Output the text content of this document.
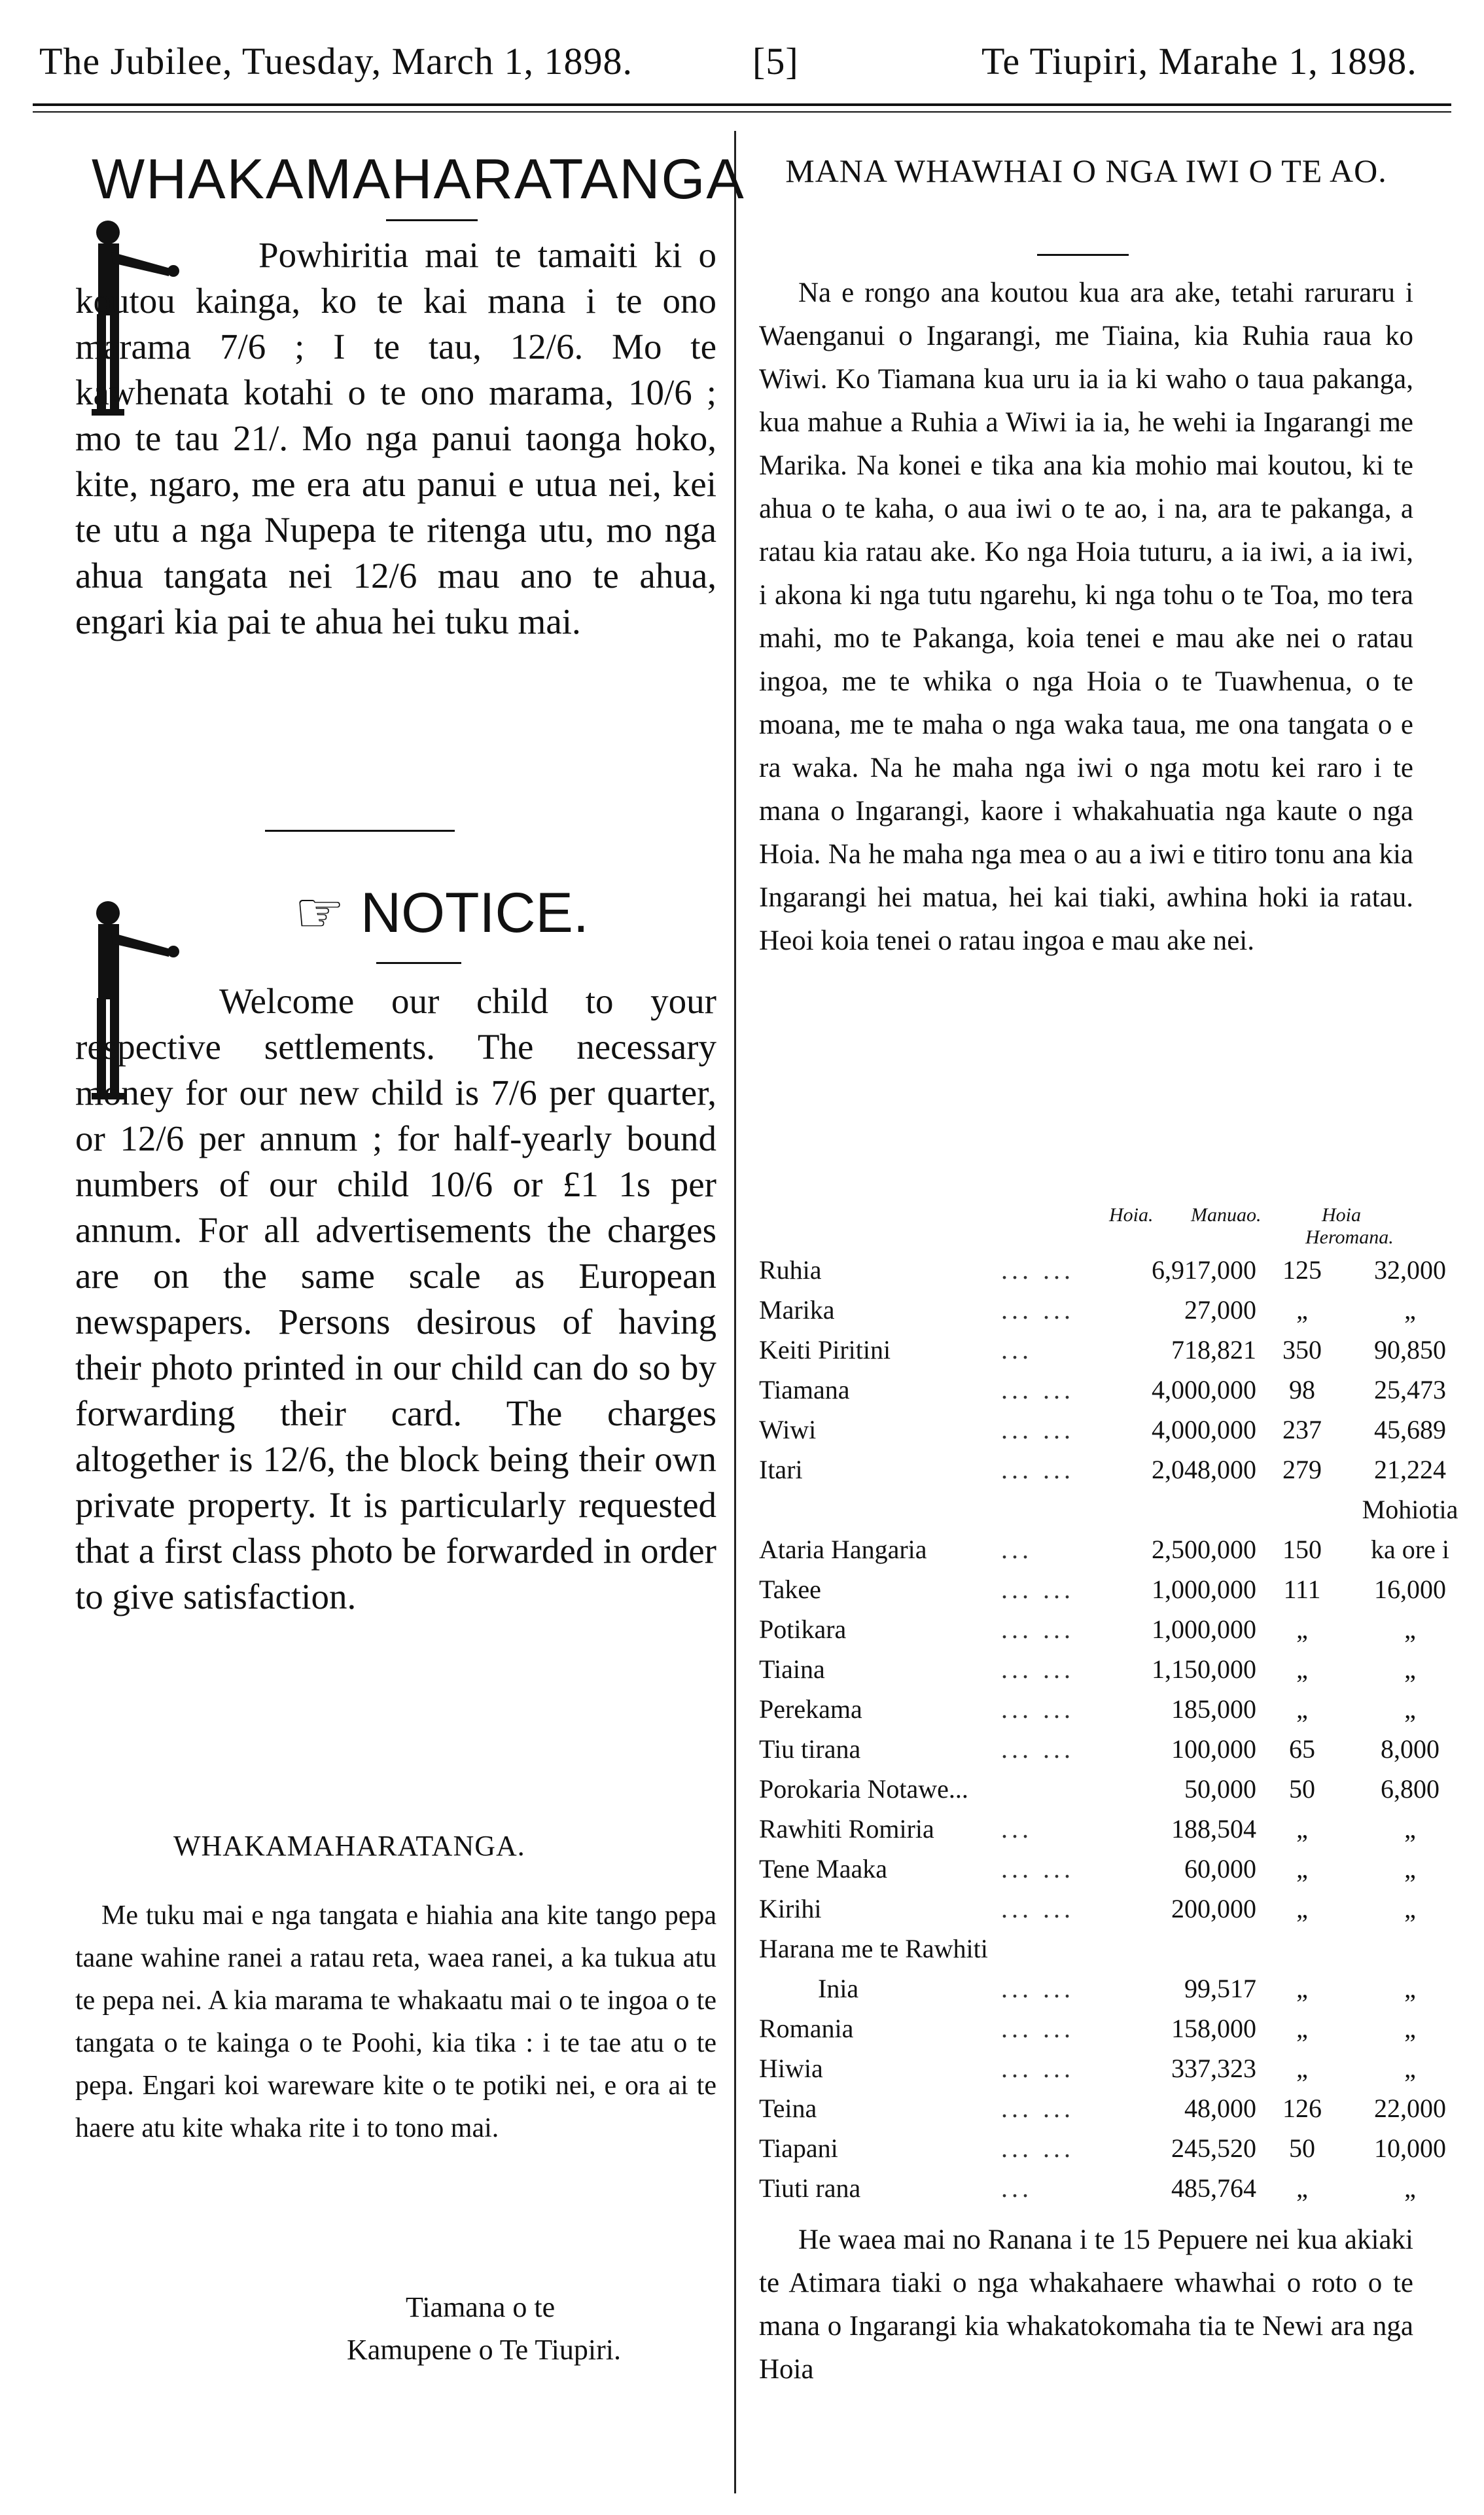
The Jubilee, Tuesday, March 1, 1898.	[5]	Te Tiupiri, Marahe 1, 1898.
WHAKAMAHARATANGA

Powhiritia mai te tamaiti ki o koutou kainga, ko te kai mana i te ono marama 7/6 ; I te tau, 12/6. Mo te kawhenata kotahi o te ono marama, 10/6 ; mo te tau 21/. Mo nga panui taonga hoko, kite, ngaro, me era atu panui e utua nei, kei te utu a nga Nupepa te ritenga utu, mo nga ahua tangata nei 12/6 mau ano te ahua, engari kia pai te ahua hei tuku mai.

☞ NOTICE.

Welcome our child to your respective settlements. The necessary money for our new child is 7/6 per quarter, or 12/6 per annum ; for half-yearly bound numbers of our child 10/6 or £1 1s per annum. For all advertisements the charges are on the same scale as European newspapers. Persons desirous of having their photo printed in our child can do so by forwarding their card. The charges altogether is 12/6, the block being their own private property. It is particularly requested that a first class photo be forwarded in order to give satisfaction.

WHAKAMAHARATANGA.

Me tuku mai e nga tangata e hiahia ana kite tango pepa taane wahine ranei a ratau reta, waea ranei, a ka tukua atu te pepa nei. A kia marama te whakaatu mai o te ingoa o te tangata o te kainga o te Poohi, kia tika : i te tae atu o te pepa. Engari koi wareware kite o te potiki nei, e ora ai te haere atu kite whaka rite i to tono mai.

Tiamana o te
Kamupene o Te Tiupiri.
MANA WHAWHAI O NGA IWI O TE AO.

Na e rongo ana koutou kua ara ake, tetahi raruraru i Waenganui o Ingarangi, me Tiaina, kia Ruhia raua ko Wiwi. Ko Tiamana kua uru ia ia ki waho o taua pakanga, kua mahue a Ruhia a Wiwi ia ia, he wehi ia Ingarangi me Marika. Na konei e tika ana kia mohio mai koutou, ki te ahua o te kaha, o aua iwi o te ao, i na, ara te pakanga, a ratau kia ratau ake. Ko nga Hoia tuturu, a ia iwi, a ia iwi, i akona ki nga tutu ngarehu, ki nga tohu o te Toa, mo tera mahi, mo te Pakanga, koia tenei e mau ake nei o ratau ingoa, me te whika o nga Hoia o te Tuawhenua, o te moana, me te maha o nga waka taua, me ona tangata o e ra waka. Na he maha nga iwi o nga motu kei raro i te mana o Ingarangi, kaore i whakahuatia nga kaute o nga Hoia. Na he maha nga mea o au a iwi e titiro tonu ana kia Ingarangi hei matua, hei kai tiaki, awhina hoki ia ratau. Heoi koia tenei o ratau ingoa e mau ake nei.

Hoia. Manuao.	Hoia Heromana.
Ruhia	... ...	6,917,000	125	32,000
Marika	... ...	27,000	„	„
Keiti Piritini	...	718,821	350	90,850
Tiamana	... ...	4,000,000	98	25,473
Wiwi	... ...	4,000,000	237	45,689
Itari	... ...	2,048,000	279	21,224
				Mohiotia
Ataria Hangaria	...	2,500,000	150	ka ore i
Takee	... ...	1,000,000	111	16,000
Potikara	... ...	1,000,000	„	„
Tiaina	... ...	1,150,000	„	„
Perekama	... ...	185,000	„	„
Tiu tirana	... ...	100,000	65	8,000
Porokaria Notawe...		50,000	50	6,800
Rawhiti Romiria	...	188,504	„	„
Tene Maaka	... ...	60,000	„	„
Kirihi	... ...	200,000	„	„
Harana me te Rawhiti				
Inia	... ...	99,517	„	„
Romania	... ...	158,000	„	„
Hiwia	... ...	337,323	„	„
Teina	... ...	48,000	126	22,000
Tiapani	... ...	245,520	50	10,000
Tiuti rana	...	485,764	„	„

He waea mai no Ranana i te 15 Pepuere nei kua akiaki te Atimara tiaki o nga whakahaere whawhai o roto o te mana o Ingarangi kia whakatokomaha tia te Newi ara nga Hoia
